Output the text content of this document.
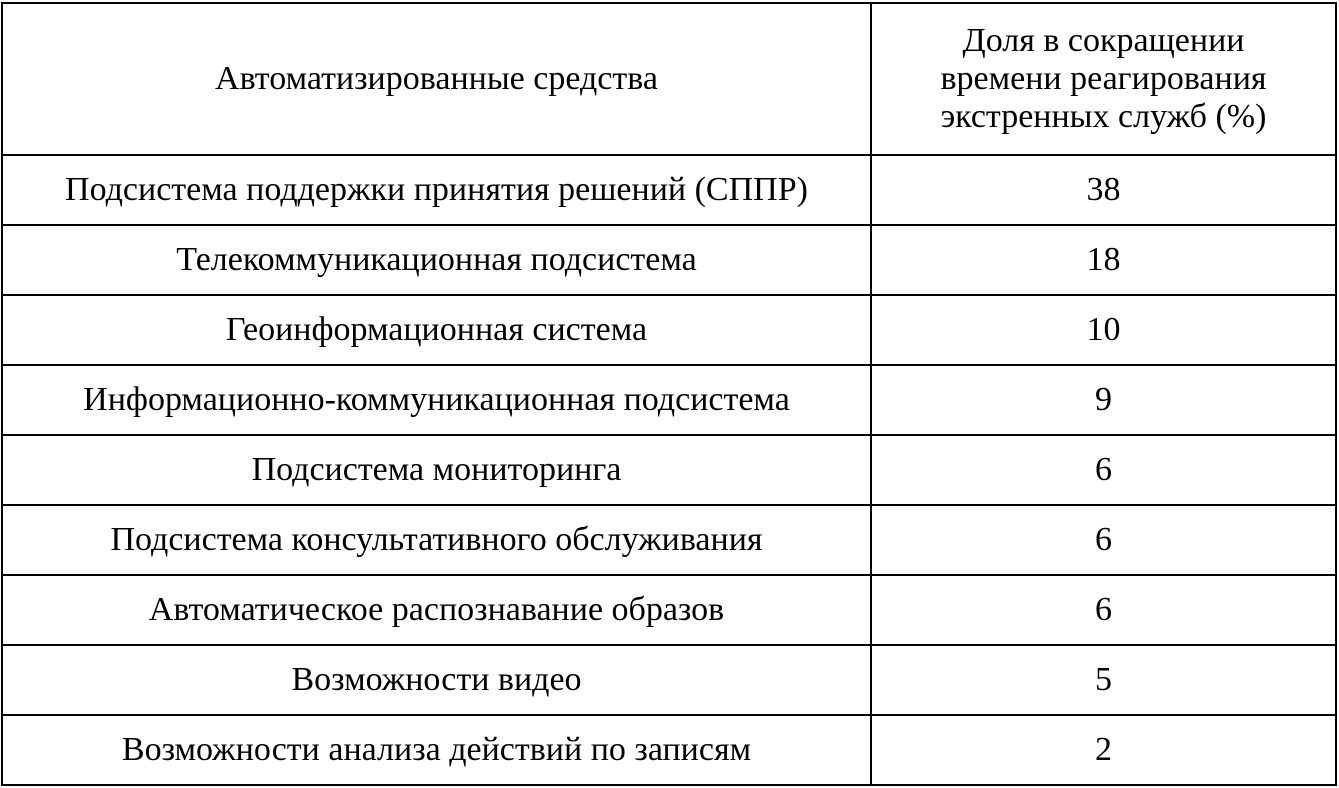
Автоматизированные средства	Доля в сокращении
времени реагирования
экстренных служб (%)

Подсистема поддержки принятия решений (СППР)	38
Телекоммуникационная подсистема	18
Геоинформационная система	10
Информационно-коммуникационная подсистема	9
Подсистема мониторинга	6
Подсистема консультативного обслуживания	6
Автоматическое распознавание образов	6
Возможности видео	5
Возможности анализа действий по записям	2
